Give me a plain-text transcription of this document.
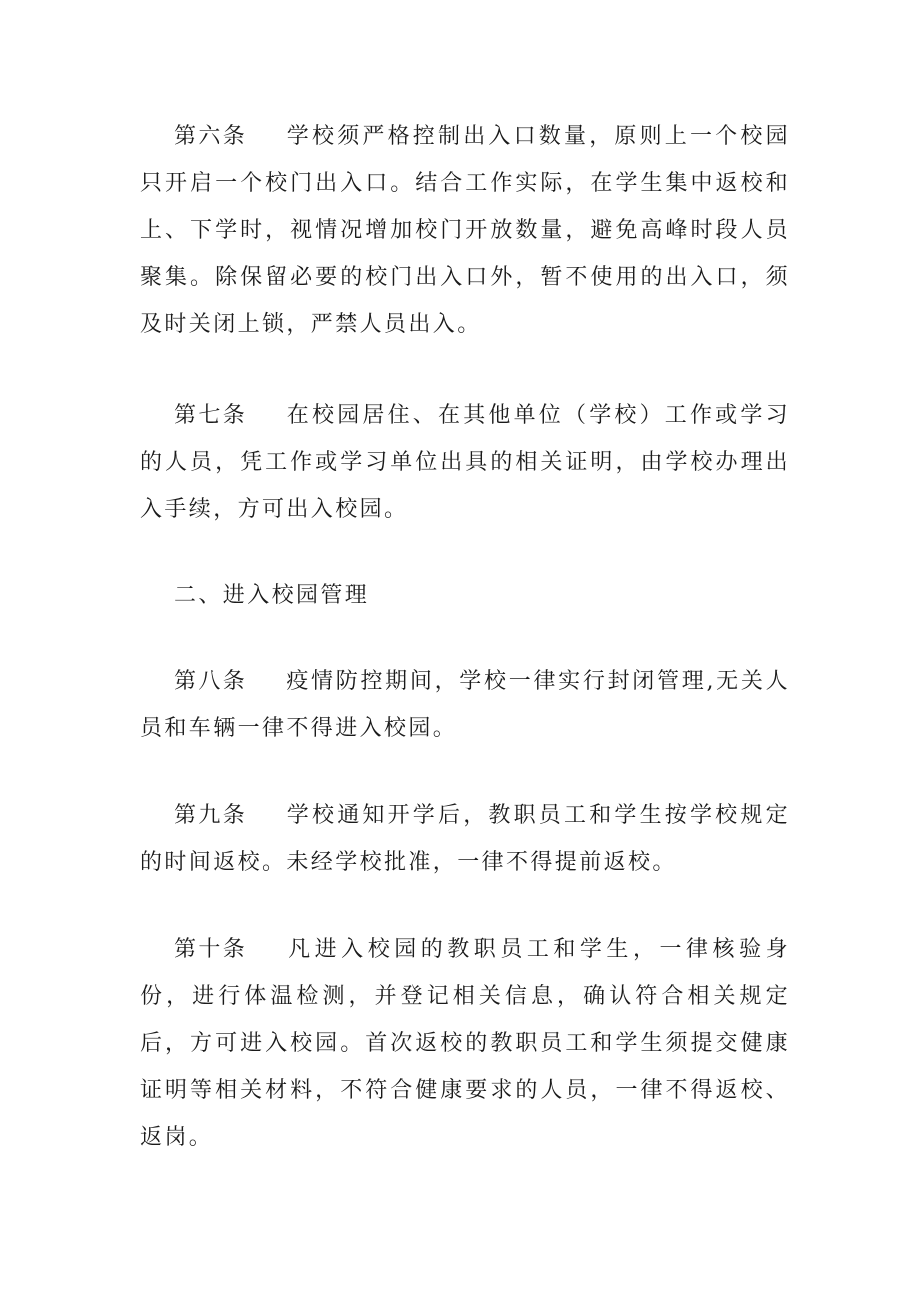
第六条 学校须严格控制出入口数量，原则上一个校园只开启一个校门出入口。结合工作实际，在学生集中返校和上、下学时，视情况增加校门开放数量，避免高峰时段人员聚集。除保留必要的校门出入口外，暂不使用的出入口，须及时关闭上锁，严禁人员出入。

第七条 在校园居住、在其他单位（学校）工作或学习的人员，凭工作或学习单位出具的相关证明，由学校办理出入手续，方可出入校园。

二、进入校园管理

第八条 疫情防控期间，学校一律实行封闭管理,无关人员和车辆一律不得进入校园。

第九条 学校通知开学后，教职员工和学生按学校规定的时间返校。未经学校批准，一律不得提前返校。

第十条 凡进入校园的教职员工和学生，一律核验身份，进行体温检测，并登记相关信息，确认符合相关规定后，方可进入校园。首次返校的教职员工和学生须提交健康证明等相关材料，不符合健康要求的人员，一律不得返校、返岗。
